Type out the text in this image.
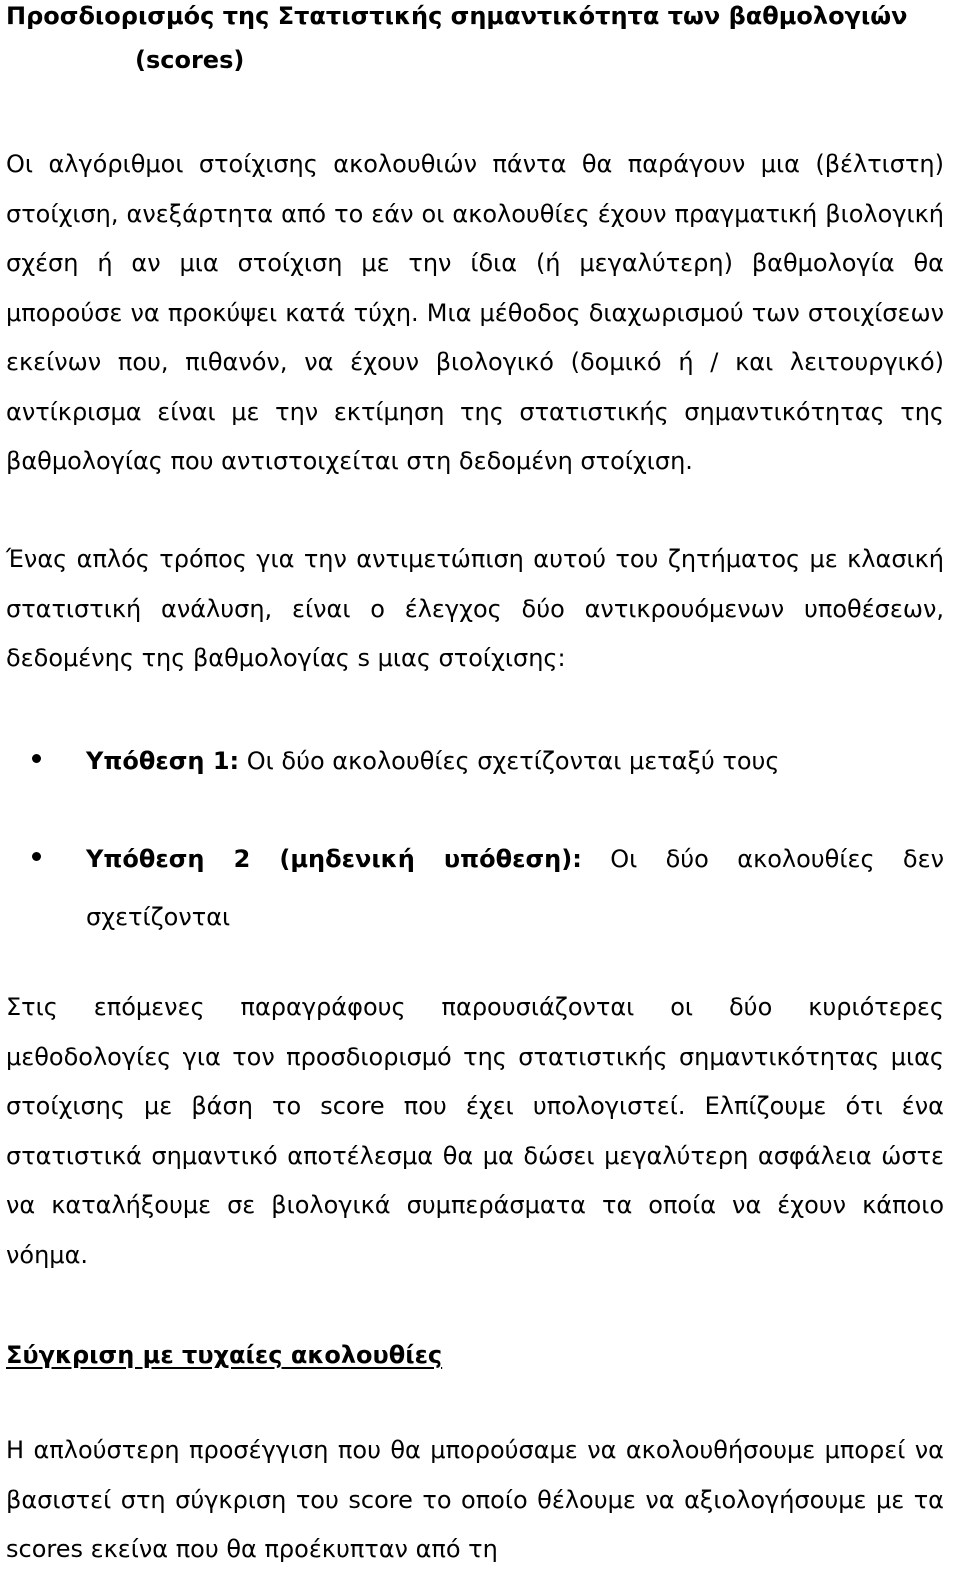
Προσδιορισμός της Στατιστικής σημαντικότητα των βαθμολογιών
(scores)

Οι αλγόριθμοι στοίχισης ακολουθιών πάντα θα παράγουν μια (βέλτιστη) στοίχιση, ανεξάρτητα από το εάν οι ακολουθίες έχουν πραγματική βιολογική σχέση ή αν μια στοίχιση με την ίδια (ή μεγαλύτερη) βαθμολογία θα μπορούσε να προκύψει κατά τύχη. Μια μέθοδος διαχωρισμού των στοιχίσεων εκείνων που, πιθανόν, να έχουν βιολογικό (δομικό ή / και λειτουργικό) αντίκρισμα είναι με την εκτίμηση της στατιστικής σημαντικότητας της βαθμολογίας που αντιστοιχείται στη δεδομένη στοίχιση.

Ένας απλός τρόπος για την αντιμετώπιση αυτού του ζητήματος με κλασική στατιστική ανάλυση, είναι ο έλεγχος δύο αντικρουόμενων υποθέσεων, δεδομένης της βαθμολογίας s μιας στοίχισης:

Υπόθεση 1: Οι δύο ακολουθίες σχετίζονται μεταξύ τους
Υπόθεση 2 (μηδενική υπόθεση): Οι δύο ακολουθίες δεν σχετίζονται

Στις επόμενες παραγράφους παρουσιάζονται οι δύο κυριότερες μεθοδολογίες για τον προσδιορισμό της στατιστικής σημαντικότητας μιας στοίχισης με βάση το score που έχει υπολογιστεί. Ελπίζουμε ότι ένα στατιστικά σημαντικό αποτέλεσμα θα μα δώσει μεγαλύτερη ασφάλεια ώστε να καταλήξουμε σε βιολογικά συμπεράσματα τα οποία να έχουν κάποιο νόημα.

Σύγκριση με τυχαίες ακολουθίες

Η απλούστερη προσέγγιση που θα μπορούσαμε να ακολουθήσουμε μπορεί να βασιστεί στη σύγκριση του score το οποίο θέλουμε να αξιολογήσουμε με τα scores εκείνα που θα προέκυπταν από τη
